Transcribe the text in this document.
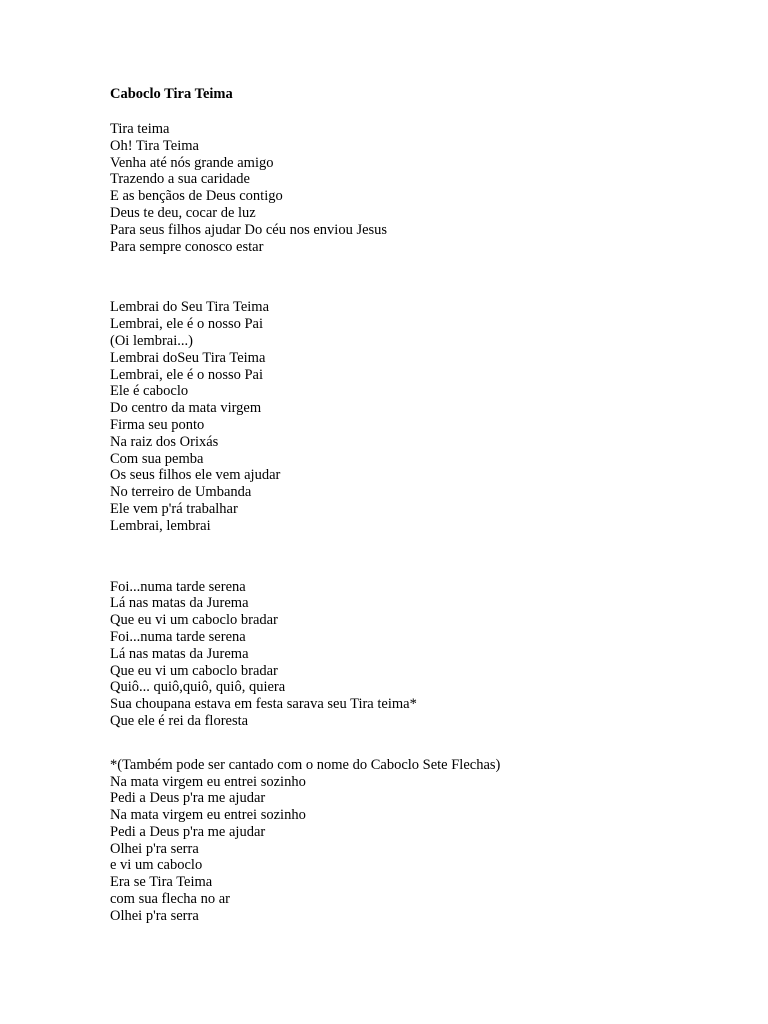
Caboclo Tira Teima
Tira teima
Oh! Tira Teima
Venha até nós grande amigo
Trazendo a sua caridade
E as bençãos de Deus contigo
Deus te deu, cocar de luz
Para seus filhos ajudar Do céu nos enviou Jesus
Para sempre conosco estar
Lembrai do Seu Tira Teima
Lembrai, ele é o nosso Pai
(Oi lembrai...)
Lembrai doSeu Tira Teima
Lembrai, ele é o nosso Pai
Ele é caboclo
Do centro da mata virgem
Firma seu ponto
Na raiz dos Orixás
Com sua pemba
Os seus filhos ele vem ajudar
No terreiro de Umbanda
Ele vem p'rá trabalhar
Lembrai, lembrai
Foi...numa tarde serena
Lá nas matas da Jurema
Que eu vi um caboclo bradar
Foi...numa tarde serena
Lá nas matas da Jurema
Que eu vi um caboclo bradar
Quiô... quiô,quiô, quiô, quiera
Sua choupana estava em festa sarava seu Tira teima*
Que ele é rei da floresta
*(Também pode ser cantado com o nome do Caboclo Sete Flechas)
Na mata virgem eu entrei sozinho
Pedi a Deus p'ra me ajudar
Na mata virgem eu entrei sozinho
Pedi a Deus p'ra me ajudar
Olhei p'ra serra
e vi um caboclo
Era se Tira Teima
com sua flecha no ar
Olhei p'ra serra
